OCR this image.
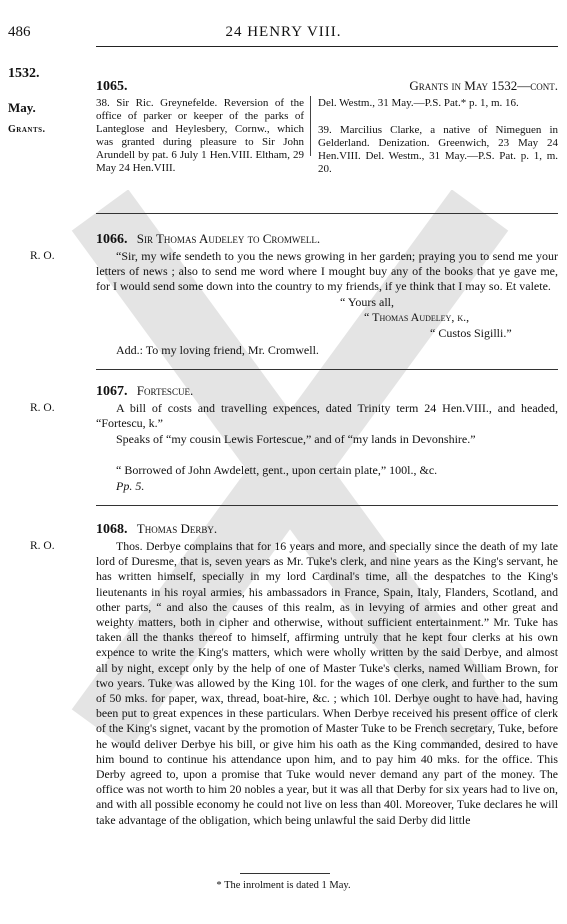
486	24 HENRY VIII.
1532.
May.
Grants.
1065.	Grants in May 1532—cont.
38. Sir Ric. Greynefelde. Reversion of the office of parker or keeper of the parks of Lanteglose and Heylesbery, Cornw., which was granted during pleasure to Sir John Arundell by pat. 6 July 1 Hen.VIII. Eltham, 29 May 24 Hen.VIII.
Del. Westm., 31 May.—P.S. Pat.* p. 1, m. 16.
39. Marcilius Clarke, a native of Nimeguen in Gelderland. Denization. Greenwich, 23 May 24 Hen.VIII. Del. Westm., 31 May.—P.S. Pat. p. 1, m. 20.
R. O.
1066. Sir Thomas Audeley to Cromwell.
“Sir, my wife sendeth to you the news growing in her garden; praying you to send me your letters of news ; also to send me word where I mought buy any of the books that ye gave me, for I would send some down into the country to my friends, if ye think that I may so. Et valete.
“ Yours all,
“ Thomas Audeley, k.,
“ Custos Sigilli.”
Add.: To my loving friend, Mr. Cromwell.
R. O.
1067. Fortescue.
A bill of costs and travelling expences, dated Trinity term 24 Hen.VIII., and headed, “Fortescu, k.”
Speaks of “my cousin Lewis Fortescue,” and of “my lands in Devonshire.”
“ Borrowed of John Awdelett, gent., upon certain plate,” 100l., &c.
Pp. 5.
R. O.
1068. Thomas Derby.
Thos. Derbye complains that for 16 years and more, and specially since the death of my late lord of Duresme, that is, seven years as Mr. Tuke's clerk, and nine years as the King's servant, he has written himself, specially in my lord Cardinal's time, all the despatches to the King's lieutenants in his royal armies, his ambassadors in France, Spain, Italy, Flanders, Scotland, and other parts, “ and also the causes of this realm, as in levying of armies and other great and weighty matters, both in cipher and otherwise, without sufficient entertainment.” Mr. Tuke has taken all the thanks thereof to himself, affirming untruly that he kept four clerks at his own expence to write the King's matters, which were wholly written by the said Derbye, and almost all by night, except only by the help of one of Master Tuke's clerks, named William Brown, for two years. Tuke was allowed by the King 10l. for the wages of one clerk, and further to the sum of 50 mks. for paper, wax, thread, boat-hire, &c. ; which 10l. Derbye ought to have had, having been put to great expences in these particulars. When Derbye received his present office of clerk of the King's signet, vacant by the promotion of Master Tuke to be French secretary, Tuke, before he would deliver Derbye his bill, or give him his oath as the King commanded, desired to have him bound to continue his attendance upon him, and to pay him 40 mks. for the office. This Derby agreed to, upon a promise that Tuke would never demand any part of the money. The office was not worth to him 20 nobles a year, but it was all that Derby for six years had to live on, and with all possible economy he could not live on less than 40l. Moreover, Tuke declares he will take advantage of the obligation, which being unlawful the said Derby did little
* The inrolment is dated 1 May.
